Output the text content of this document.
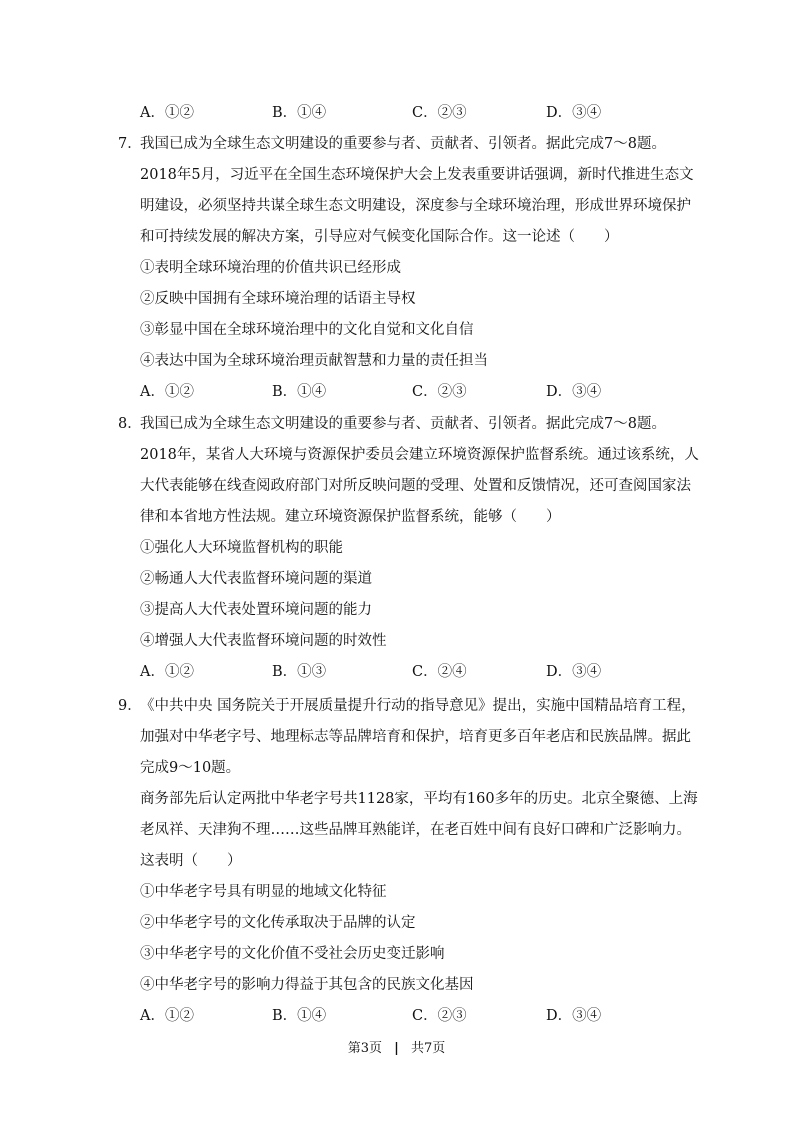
A．①②	B．①④	C．②③	D．③④
7．
我国已成为全球生态文明建设的重要参与者、贡献者、引领者。据此完成7～8题。
2018年5月，习近平在全国生态环境保护大会上发表重要讲话强调，新时代推进生态文
明建设，必须坚持共谋全球生态文明建设，深度参与全球环境治理，形成世界环境保护
和可持续发展的解决方案，引导应对气候变化国际合作。这一论述（　　）
①表明全球环境治理的价值共识已经形成
②反映中国拥有全球环境治理的话语主导权
③彰显中国在全球环境治理中的文化自觉和文化自信
④表达中国为全球环境治理贡献智慧和力量的责任担当
A．①②	B．①④	C．②③	D．③④
8．
我国已成为全球生态文明建设的重要参与者、贡献者、引领者。据此完成7～8题。
2018年，某省人大环境与资源保护委员会建立环境资源保护监督系统。通过该系统，人
大代表能够在线查阅政府部门对所反映问题的受理、处置和反馈情况，还可查阅国家法
律和本省地方性法规。建立环境资源保护监督系统，能够（　　）
①强化人大环境监督机构的职能
②畅通人大代表监督环境问题的渠道
③提高人大代表处置环境问题的能力
④增强人大代表监督环境问题的时效性
A．①②	B．①③	C．②④	D．③④
9．
《中共中央 国务院关于开展质量提升行动的指导意见》提出，实施中国精品培育工程，
加强对中华老字号、地理标志等品牌培育和保护，培育更多百年老店和民族品牌。据此
完成9～10题。
商务部先后认定两批中华老字号共1128家，平均有160多年的历史。北京全聚德、上海
老凤祥、天津狗不理……这些品牌耳熟能详，在老百姓中间有良好口碑和广泛影响力。
这表明（　　）
①中华老字号具有明显的地域文化特征
②中华老字号的文化传承取决于品牌的认定
③中华老字号的文化价值不受社会历史变迁影响
④中华老字号的影响力得益于其包含的民族文化基因
A．①②	B．①④	C．②③	D．③④
第3页 | 共7页
